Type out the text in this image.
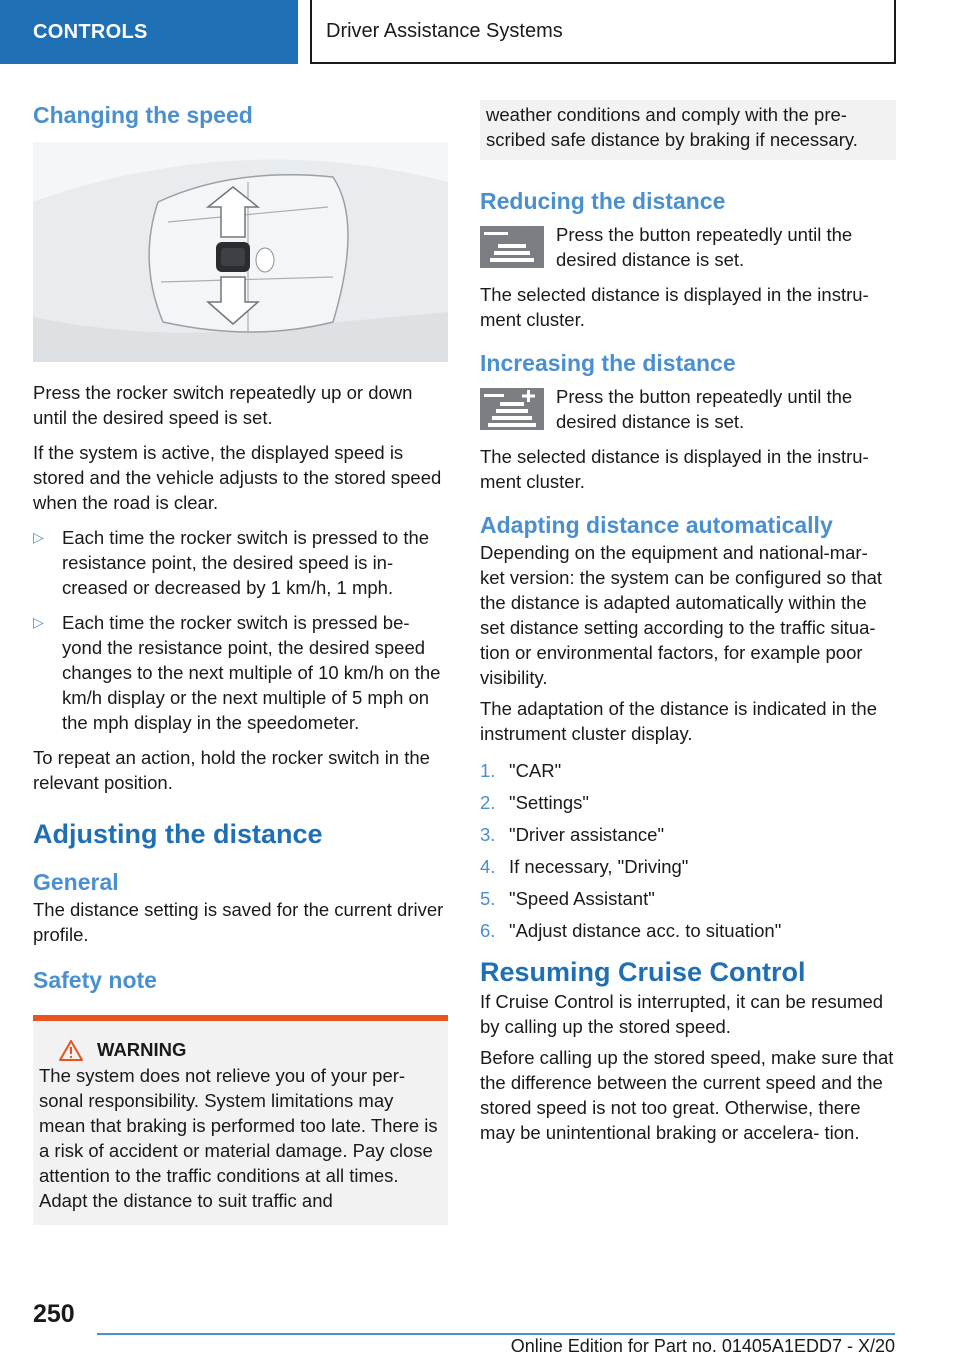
CONTROLS	Driver Assistance Systems
Changing the speed

Press the rocker switch repeatedly up or down until the desired speed is set.

If the system is active, the displayed speed is stored and the vehicle adjusts to the stored speed when the road is clear.

▷ Each time the rocker switch is pressed to the resistance point, the desired speed is in‐ creased or decreased by 1 km/h, 1 mph.
▷ Each time the rocker switch is pressed be‐ yond the resistance point, the desired speed changes to the next multiple of 10 km/h on the km/h display or the next multiple of 5 mph on the mph display in the speedometer.

To repeat an action, hold the rocker switch in the relevant position.

Adjusting the distance
General

The distance setting is saved for the current driver profile.

Safety note
WARNING

The system does not relieve you of your per‐ sonal responsibility. System limitations may mean that braking is performed too late. There is a risk of accident or material damage. Pay close attention to the traffic conditions at all times. Adapt the distance to suit traffic and

weather conditions and comply with the pre‐ scribed safe distance by braking if necessary.

Reducing the distance

Press the button repeatedly until the desired distance is set.

The selected distance is displayed in the instru‐ ment cluster.

Increasing the distance

Press the button repeatedly until the desired distance is set.

The selected distance is displayed in the instru‐ ment cluster.

Adapting distance automatically

Depending on the equipment and national-mar‐ ket version: the system can be configured so that the distance is adapted automatically within the set distance setting according to the traffic situa‐ tion or environmental factors, for example poor visibility.

The adaptation of the distance is indicated in the instrument cluster display.

1. "CAR"
2. "Settings"
3. "Driver assistance"
4. If necessary, "Driving"
5. "Speed Assistant"
6. "Adjust distance acc. to situation"
Resuming Cruise Control

If Cruise Control is interrupted, it can be resumed by calling up the stored speed.

Before calling up the stored speed, make sure that the difference between the current speed and the stored speed is not too great. Otherwise, there may be unintentional braking or accelera‐ tion.

250
Online Edition for Part no. 01405A1EDD7 - X/20
